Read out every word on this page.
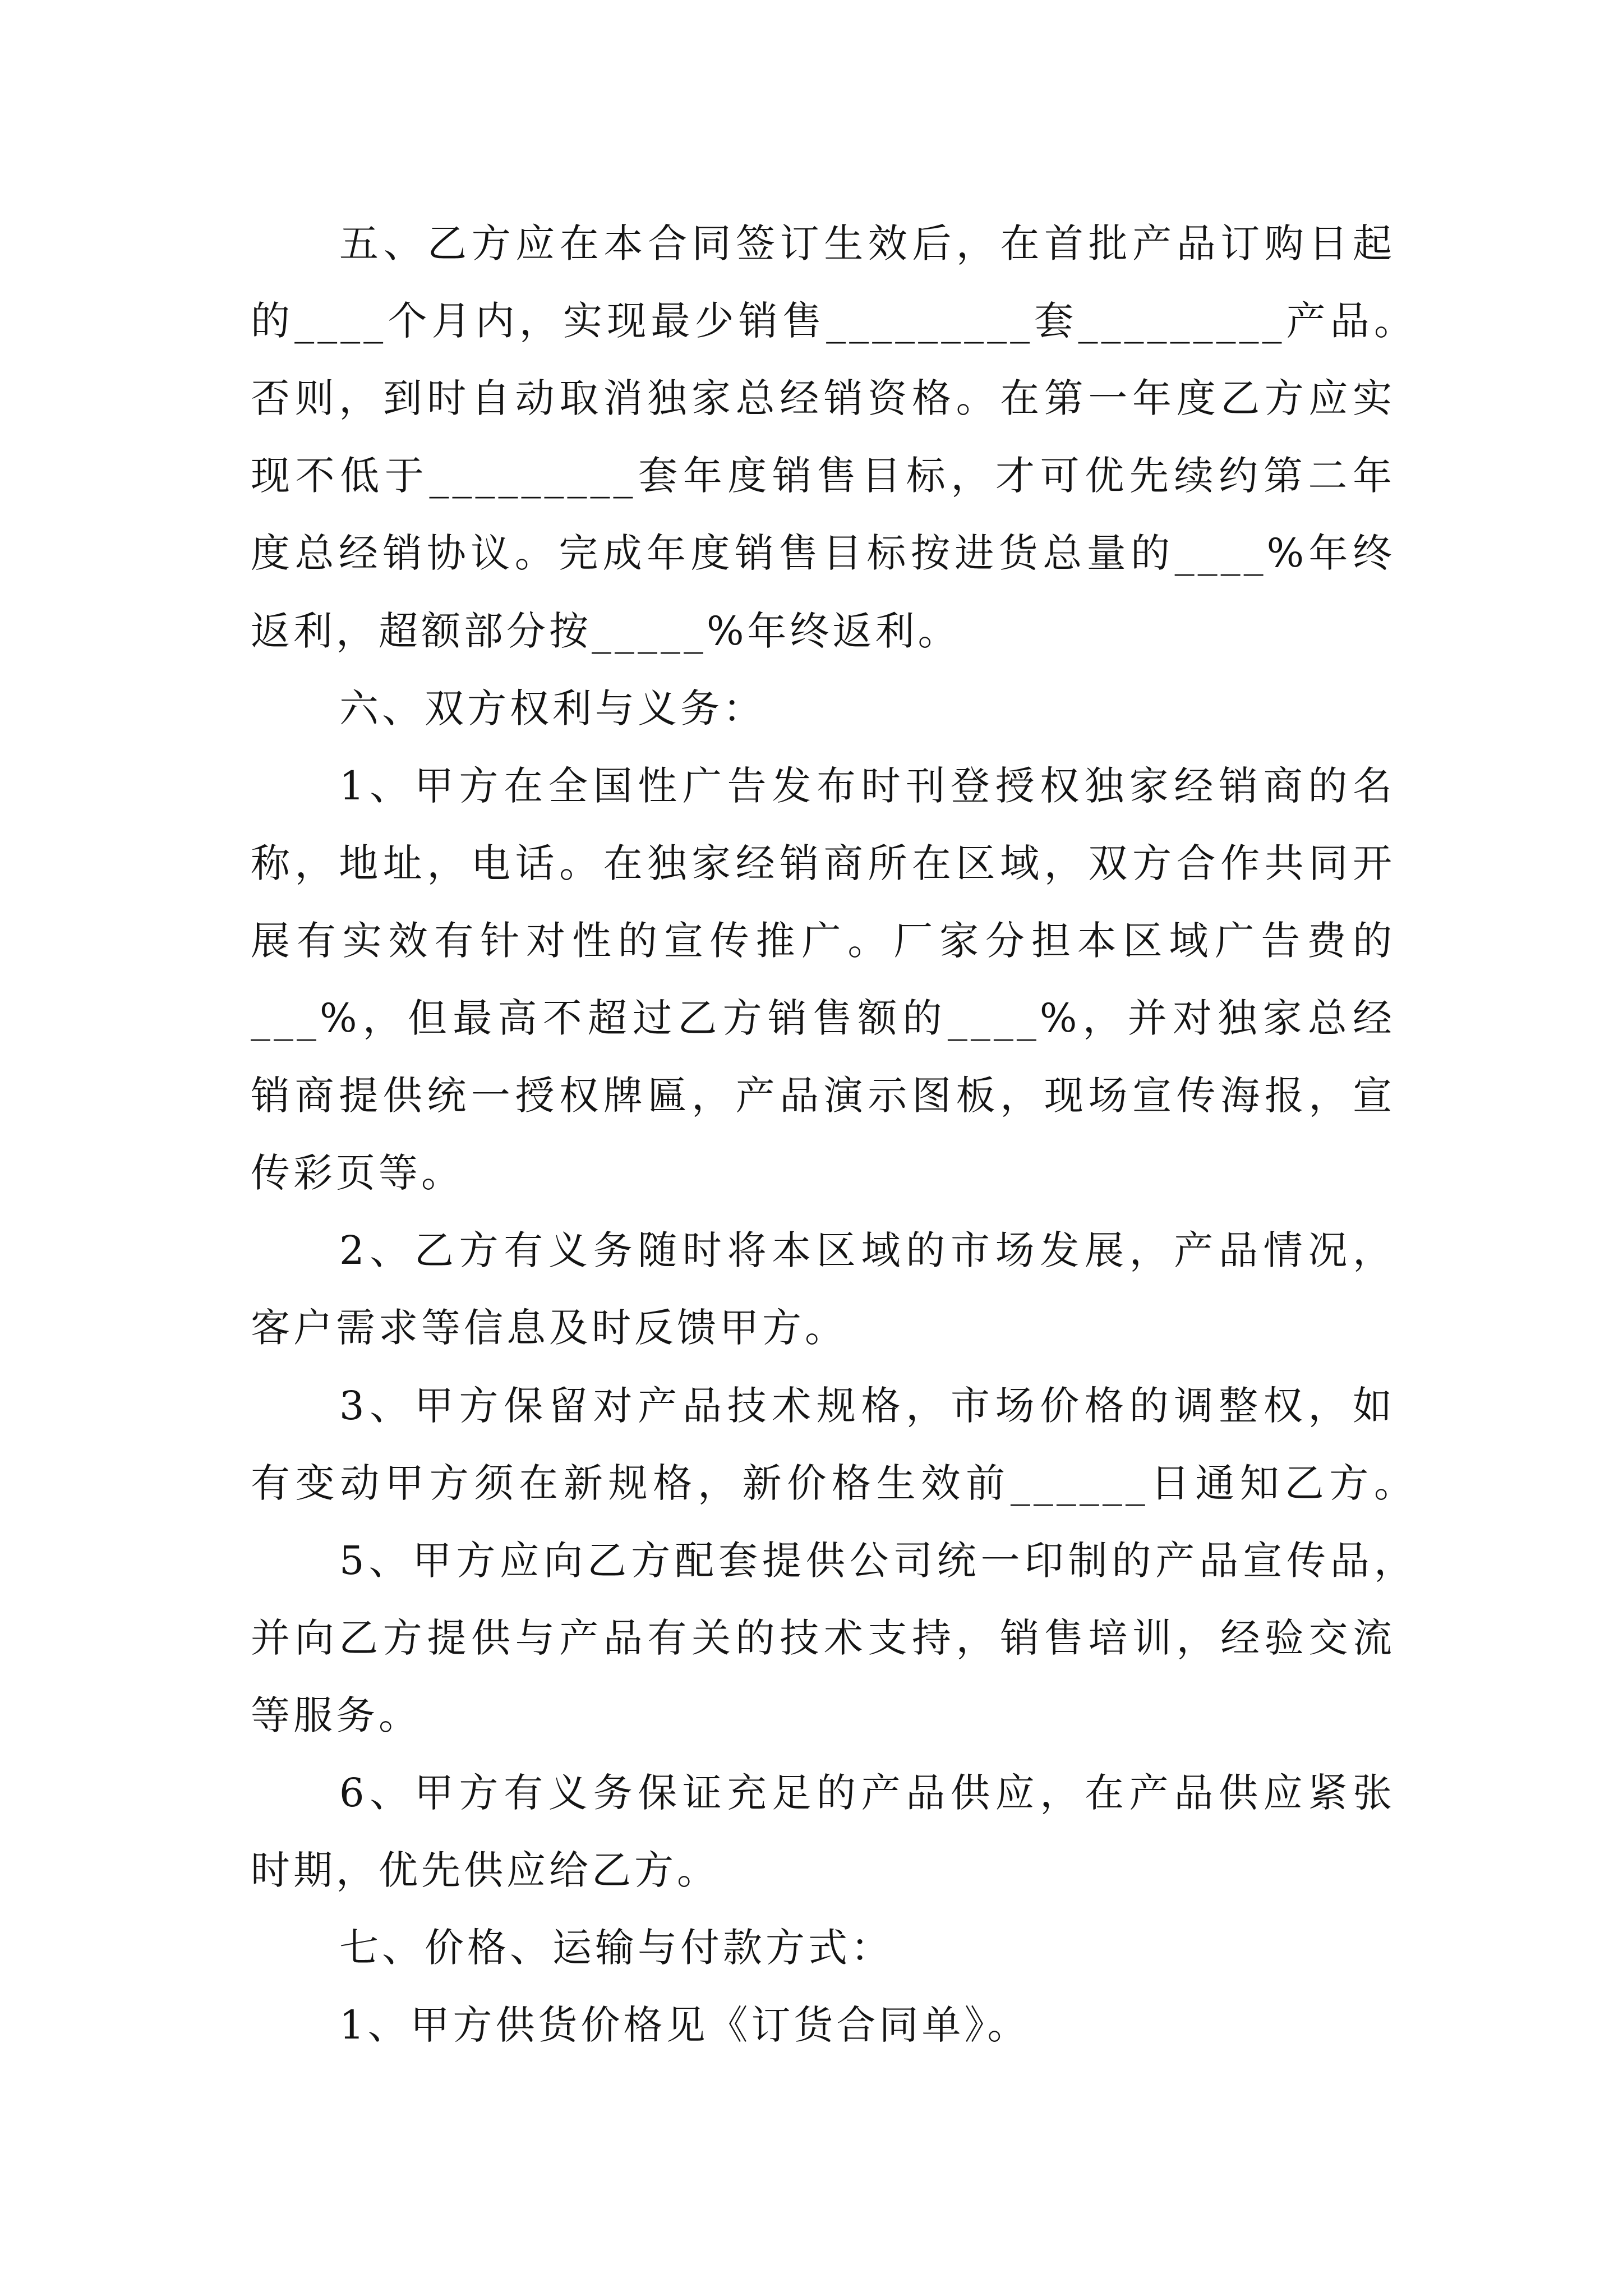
五、乙方应在本合同签订生效后，在首批产品订购日起
的____个月内，实现最少销售_________套_________产品。
否则，到时自动取消独家总经销资格。在第一年度乙方应实
现不低于_________套年度销售目标，才可优先续约第二年
度总经销协议。完成年度销售目标按进货总量的____%年终
返利，超额部分按_____%年终返利。
六、双方权利与义务：
1、甲方在全国性广告发布时刊登授权独家经销商的名
称，地址，电话。在独家经销商所在区域，双方合作共同开
展有实效有针对性的宣传推广。厂家分担本区域广告费的
___%，但最高不超过乙方销售额的____%，并对独家总经
销商提供统一授权牌匾，产品演示图板，现场宣传海报，宣
传彩页等。
2、乙方有义务随时将本区域的市场发展，产品情况，
客户需求等信息及时反馈甲方。
3、甲方保留对产品技术规格，市场价格的调整权，如
有变动甲方须在新规格，新价格生效前______日通知乙方。
5、甲方应向乙方配套提供公司统一印制的产品宣传品，
并向乙方提供与产品有关的技术支持，销售培训，经验交流
等服务。
6、甲方有义务保证充足的产品供应，在产品供应紧张
时期，优先供应给乙方。
七、价格、运输与付款方式：
1、甲方供货价格见《订货合同单》。
